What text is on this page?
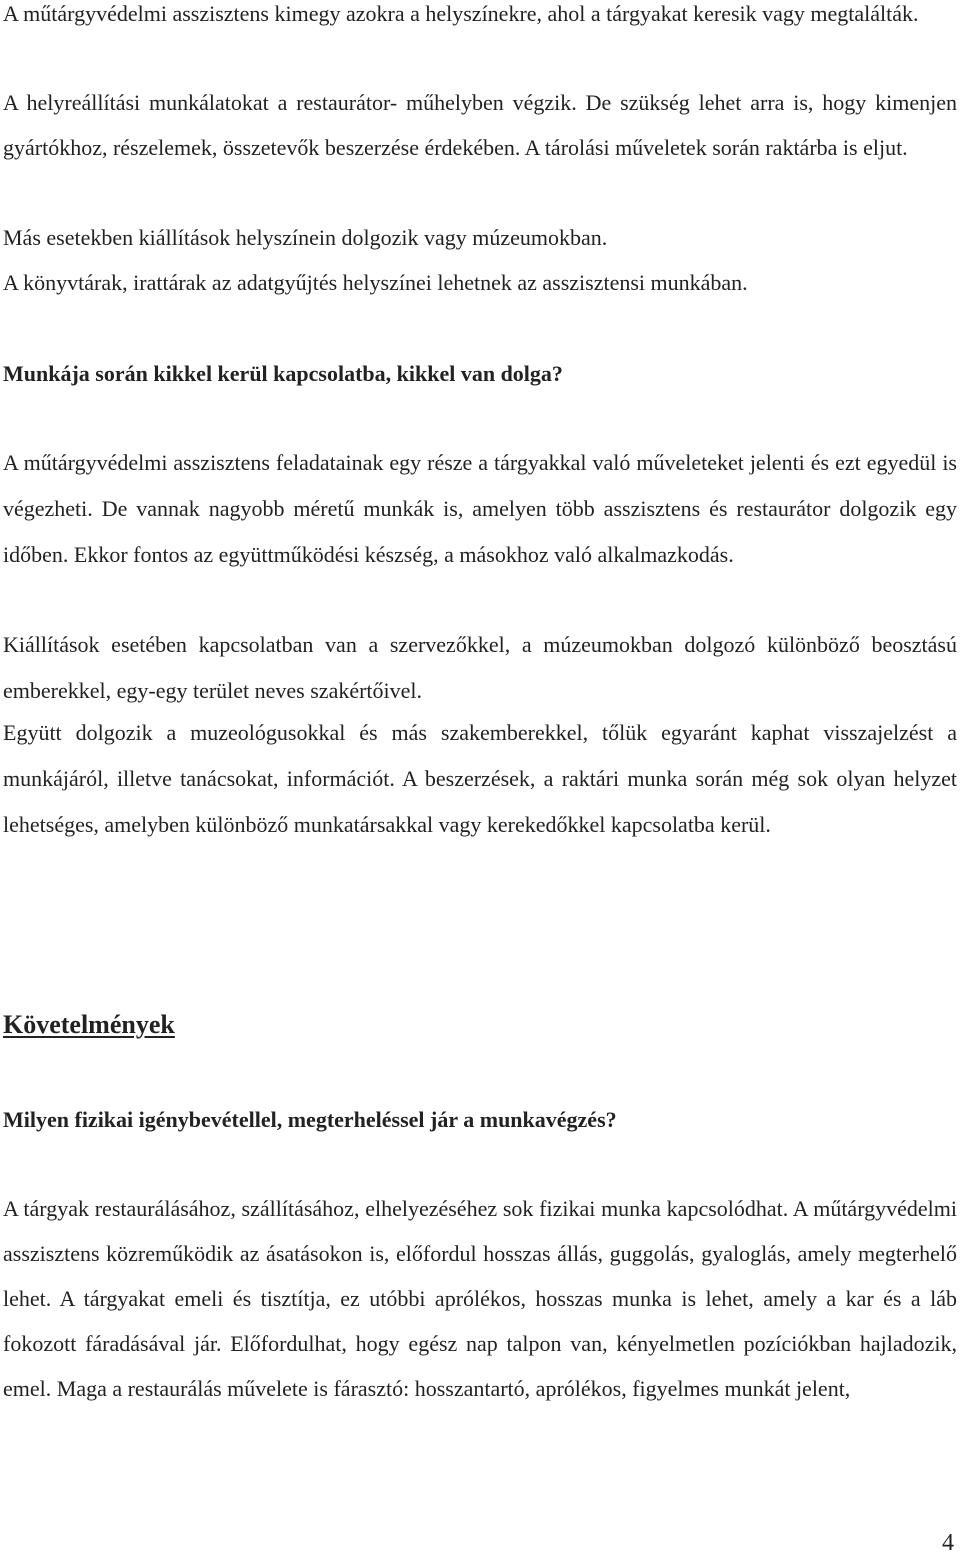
A műtárgyvédelmi asszisztens kimegy azokra a helyszínekre, ahol a tárgyakat keresik vagy megtalálták.

A helyreállítási munkálatokat a restaurátor- műhelyben végzik. De szükség lehet arra is, hogy kimenjen gyártókhoz, részelemek, összetevők beszerzése érdekében. A tárolási műveletek során raktárba is eljut.

Más esetekben kiállítások helyszínein dolgozik vagy múzeumokban.

A könyvtárak, irattárak az adatgyűjtés helyszínei lehetnek az asszisztensi munkában.

Munkája során kikkel kerül kapcsolatba, kikkel van dolga?

A műtárgyvédelmi asszisztens feladatainak egy része a tárgyakkal való műveleteket jelenti és ezt egyedül is végezheti. De vannak nagyobb méretű munkák is, amelyen több asszisztens és restaurátor dolgozik egy időben. Ekkor fontos az együttműködési készség, a másokhoz való alkalmazkodás.

Kiállítások esetében kapcsolatban van a szervezőkkel, a múzeumokban dolgozó különböző beosztású emberekkel, egy-egy terület neves szakértőivel.

Együtt dolgozik a muzeológusokkal és más szakemberekkel, tőlük egyaránt kaphat visszajelzést a munkájáról, illetve tanácsokat, információt. A beszerzések, a raktári munka során még sok olyan helyzet lehetséges, amelyben különböző munkatársakkal vagy kerekedőkkel kapcsolatba kerül.

Követelmények
Milyen fizikai igénybevétellel, megterheléssel jár a munkavégzés?

A tárgyak restaurálásához, szállításához, elhelyezéséhez sok fizikai munka kapcsolódhat. A műtárgyvédelmi asszisztens közreműködik az ásatásokon is, előfordul hosszas állás, guggolás, gyaloglás, amely megterhelő lehet. A tárgyakat emeli és tisztítja, ez utóbbi aprólékos, hosszas munka is lehet, amely a kar és a láb fokozott fáradásával jár. Előfordulhat, hogy egész nap talpon van, kényelmetlen pozíciókban hajladozik, emel. Maga a restaurálás művelete is fárasztó: hosszantartó, aprólékos, figyelmes munkát jelent,

4
